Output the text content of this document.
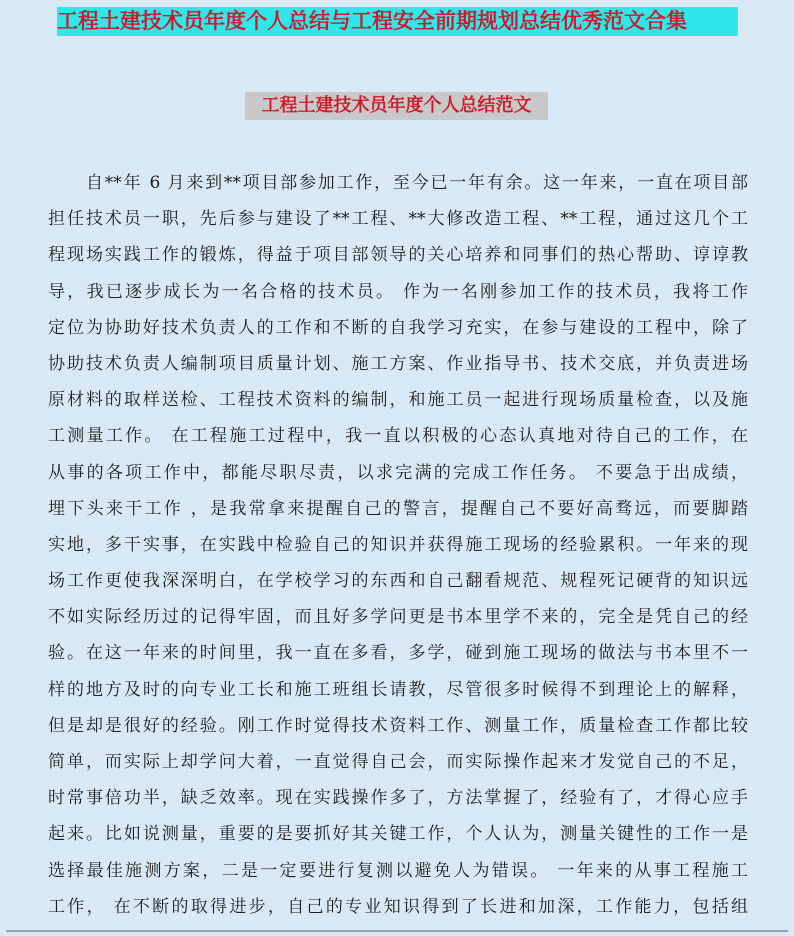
工程土建技术员年度个人总结与工程安全前期规划总结优秀范文合集
工程土建技术员年度个人总结范文
自**年 6 月来到**项目部参加工作，至今已一年有余。这一年来，一直在项目部
担任技术员一职，先后参与建设了**工程、**大修改造工程、**工程，通过这几个工
程现场实践工作的锻炼，得益于项目部领导的关心培养和同事们的热心帮助、谆谆教
导，我已逐步成长为一名合格的技术员。 作为一名刚参加工作的技术员，我将工作
定位为协助好技术负责人的工作和不断的自我学习充实，在参与建设的工程中，除了
协助技术负责人编制项目质量计划、施工方案、作业指导书、技术交底，并负责进场
原材料的取样送检、工程技术资料的编制，和施工员一起进行现场质量检查，以及施
工测量工作。 在工程施工过程中，我一直以积极的心态认真地对待自己的工作，在
从事的各项工作中，都能尽职尽责，以求完满的完成工作任务。 不要急于出成绩，
埋下头来干工作 ，是我常拿来提醒自己的警言，提醒自己不要好高骛远，而要脚踏
实地，多干实事，在实践中检验自己的知识并获得施工现场的经验累积。一年来的现
场工作更使我深深明白，在学校学习的东西和自己翻看规范、规程死记硬背的知识远
不如实际经历过的记得牢固，而且好多学问更是书本里学不来的，完全是凭自己的经
验。在这一年来的时间里，我一直在多看，多学，碰到施工现场的做法与书本里不一
样的地方及时的向专业工长和施工班组长请教，尽管很多时候得不到理论上的解释，
但是却是很好的经验。刚工作时觉得技术资料工作、测量工作，质量检查工作都比较
简单，而实际上却学问大着，一直觉得自己会，而实际操作起来才发觉自己的不足，
时常事倍功半，缺乏效率。现在实践操作多了，方法掌握了，经验有了，才得心应手
起来。比如说测量，重要的是要抓好其关键工作，个人认为，测量关键性的工作一是
选择最佳施测方案，二是一定要进行复测以避免人为错误。 一年来的从事工程施工
工作， 在不断的取得进步，自己的专业知识得到了长进和加深，工作能力，包括组
